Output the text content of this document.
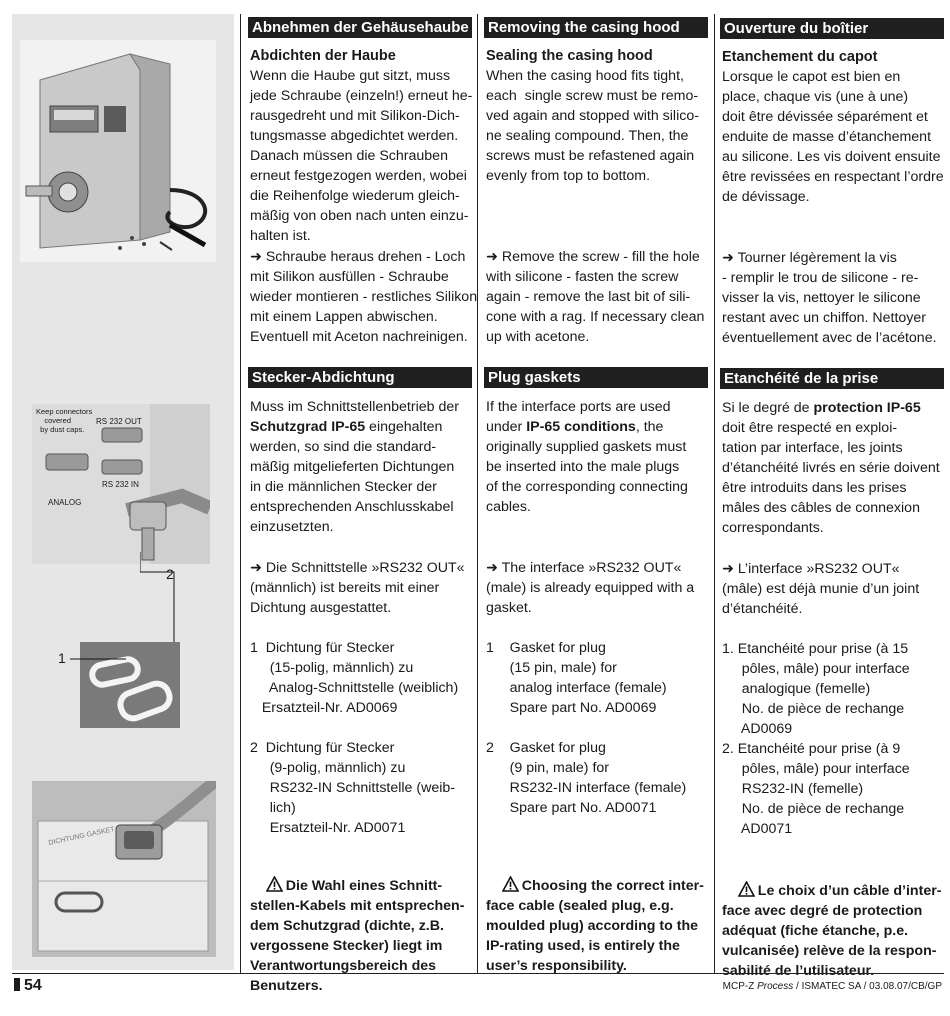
Keep connectors
covered
by dust caps.
RS 232 OUT
RS 232 IN
ANALOG
2
1
DICHTUNG GASKET
Abnehmen der Gehäusehaube

Abdichten der Haube

Wenn die Haube gut sitzt, muss
jede Schraube (einzeln!) erneut he-
rausgedreht und mit Silikon-Dich-
tungsmasse abgedichtet werden.
Danach müssen die Schrauben
erneut festgezogen werden, wobei
die Reihenfolge wiederum gleich-
mäßig von oben nach unten einzu-
halten ist.

➜ Schraube heraus drehen - Loch
mit Silikon ausfüllen - Schraube
wieder montieren - restliches Silikon
mit einem Lappen abwischen.
Eventuell mit Aceton nachreinigen.

Stecker-Abdichtung

Muss im Schnittstellenbetrieb der
Schutzgrad IP-65 eingehalten
werden, so sind die standard-
mäßig mitgelieferten Dichtungen
in die männlichen Stecker der
entsprechenden Anschlusskabel
einzusetzten.

➜ Die Schnittstelle »RS232 OUT«
(männlich) ist bereits mit einer
Dichtung ausgestattet.

1  Dichtung für Stecker
(15-polig, männlich) zu
Analog-Schnittstelle (weiblich)
Ersatzteil-Nr. AD0069

2  Dichtung für Stecker
(9-polig, männlich) zu
RS232-IN Schnittstelle (weib-
lich)
Ersatzteil-Nr. AD0071

Die Wahl eines Schnitt-
stellen-Kabels mit entsprechen-
dem Schutzgrad (dichte, z.B.
vergossene Stecker) liegt im
Verantwortungsbereich des
Benutzers.

Removing the casing hood

Sealing the casing hood

When the casing hood fits tight,
each  single screw must be remo-
ved again and stopped with silico-
ne sealing compound. Then, the
screws must be refastened again
evenly from top to bottom.

➜ Remove the screw - fill the hole
with silicone - fasten the screw
again - remove the last bit of sili-
cone with a rag. If necessary clean
up with acetone.

Plug gaskets

If the interface ports are used
under IP-65 conditions, the
originally supplied gaskets must
be inserted into the male plugs
of the corresponding connecting
cables.

➜ The interface »RS232 OUT«
(male) is already equipped with a
gasket.

1    Gasket for plug
(15 pin, male) for
analog interface (female)
Spare part No. AD0069

2    Gasket for plug
(9 pin, male) for
RS232-IN interface (female)
Spare part No. AD0071

Choosing the correct inter-
face cable (sealed plug, e.g.
moulded plug) according to the
IP-rating used, is entirely the
user’s responsibility.

Ouverture du boîtier

Etanchement du capot

Lorsque le capot est bien en
place, chaque vis (une à une)
doit être dévissée séparément et
enduite de masse d’étanchement
au silicone. Les vis doivent ensuite
être revissées en respectant l’ordre
de dévissage.

➜ Tourner légèrement la vis
- remplir le trou de silicone - re-
visser la vis, nettoyer le silicone
restant avec un chiffon. Nettoyer
éventuellement avec de l’acétone.

Etanchéité de la prise

Si le degré de protection IP-65
doit être respecté en exploi-
tation par interface, les joints
d’étanchéité livrés en série doivent
être introduits dans les prises
mâles des câbles de connexion
correspondants.

➜ L’interface »RS232 OUT«
(mâle) est déjà munie d’un joint
d’étanchéité.

1. Etanchéité pour prise (à 15
pôles, mâle) pour interface
analogique (femelle)
No. de pièce de rechange
AD0069
2. Etanchéité pour prise (à 9
pôles, mâle) pour interface
RS232-IN (femelle)
No. de pièce de rechange
AD0071

Le choix d’un câble d’inter-
face avec degré de protection
adéquat (fiche étanche, p.e.
vulcanisée) relève de la respon-
sabilité de l’utilisateur.

54	MCP-Z Process / ISMATEC SA / 03.08.07/CB/GP
